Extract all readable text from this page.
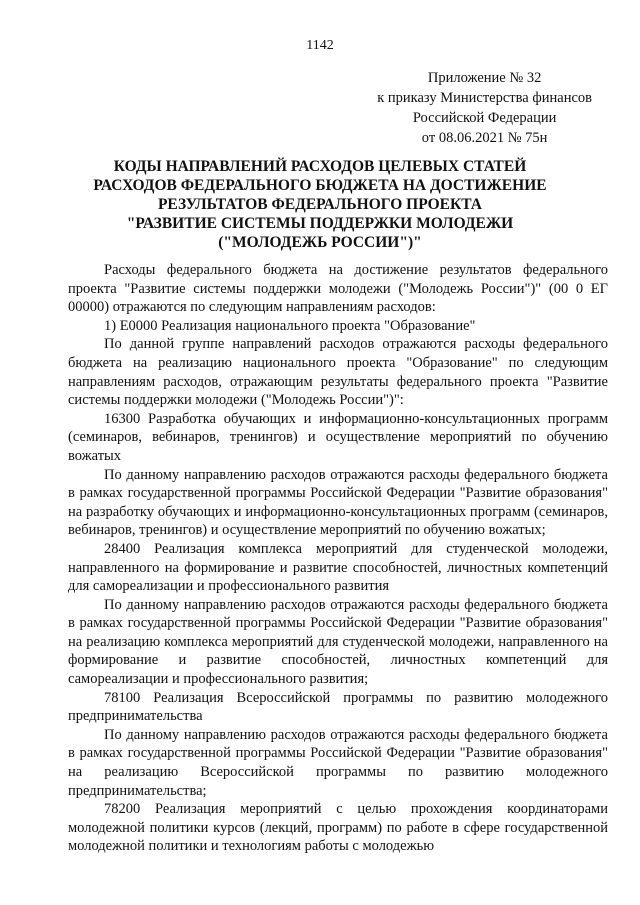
1142
Приложение № 32
к приказу Министерства финансов
Российской Федерации
от 08.06.2021 № 75н
КОДЫ НАПРАВЛЕНИЙ РАСХОДОВ ЦЕЛЕВЫХ СТАТЕЙ
РАСХОДОВ ФЕДЕРАЛЬНОГО БЮДЖЕТА НА ДОСТИЖЕНИЕ
РЕЗУЛЬТАТОВ ФЕДЕРАЛЬНОГО ПРОЕКТА
"РАЗВИТИЕ СИСТЕМЫ ПОДДЕРЖКИ МОЛОДЕЖИ
("МОЛОДЕЖЬ РОССИИ")"

Расходы федерального бюджета на достижение результатов федерального проекта "Развитие системы поддержки молодежи ("Молодежь России")" (00 0 ЕГ 00000) отражаются по следующим направлениям расходов:

1) Е0000 Реализация национального проекта "Образование"

По данной группе направлений расходов отражаются расходы федерального бюджета на реализацию национального проекта "Образование" по следующим направлениям расходов, отражающим результаты федерального проекта "Развитие системы поддержки молодежи ("Молодежь России")":

16300 Разработка обучающих и информационно-консультационных программ (семинаров, вебинаров, тренингов) и осуществление мероприятий по обучению вожатых

По данному направлению расходов отражаются расходы федерального бюджета в рамках государственной программы Российской Федерации "Развитие образования" на разработку обучающих и информационно-консультационных программ (семинаров, вебинаров, тренингов) и осуществление мероприятий по обучению вожатых;

28400 Реализация комплекса мероприятий для студенческой молодежи, направленного на формирование и развитие способностей, личностных компетенций для самореализации и профессионального развития

По данному направлению расходов отражаются расходы федерального бюджета в рамках государственной программы Российской Федерации "Развитие образования" на реализацию комплекса мероприятий для студенческой молодежи, направленного на формирование и развитие способностей, личностных компетенций для самореализации и профессионального развития;

78100 Реализация Всероссийской программы по развитию молодежного предпринимательства

По данному направлению расходов отражаются расходы федерального бюджета в рамках государственной программы Российской Федерации "Развитие образования" на реализацию Всероссийской программы по развитию молодежного предпринимательства;

78200 Реализация мероприятий с целью прохождения координаторами молодежной политики курсов (лекций, программ) по работе в сфере государственной молодежной политики и технологиям работы с молодежью
